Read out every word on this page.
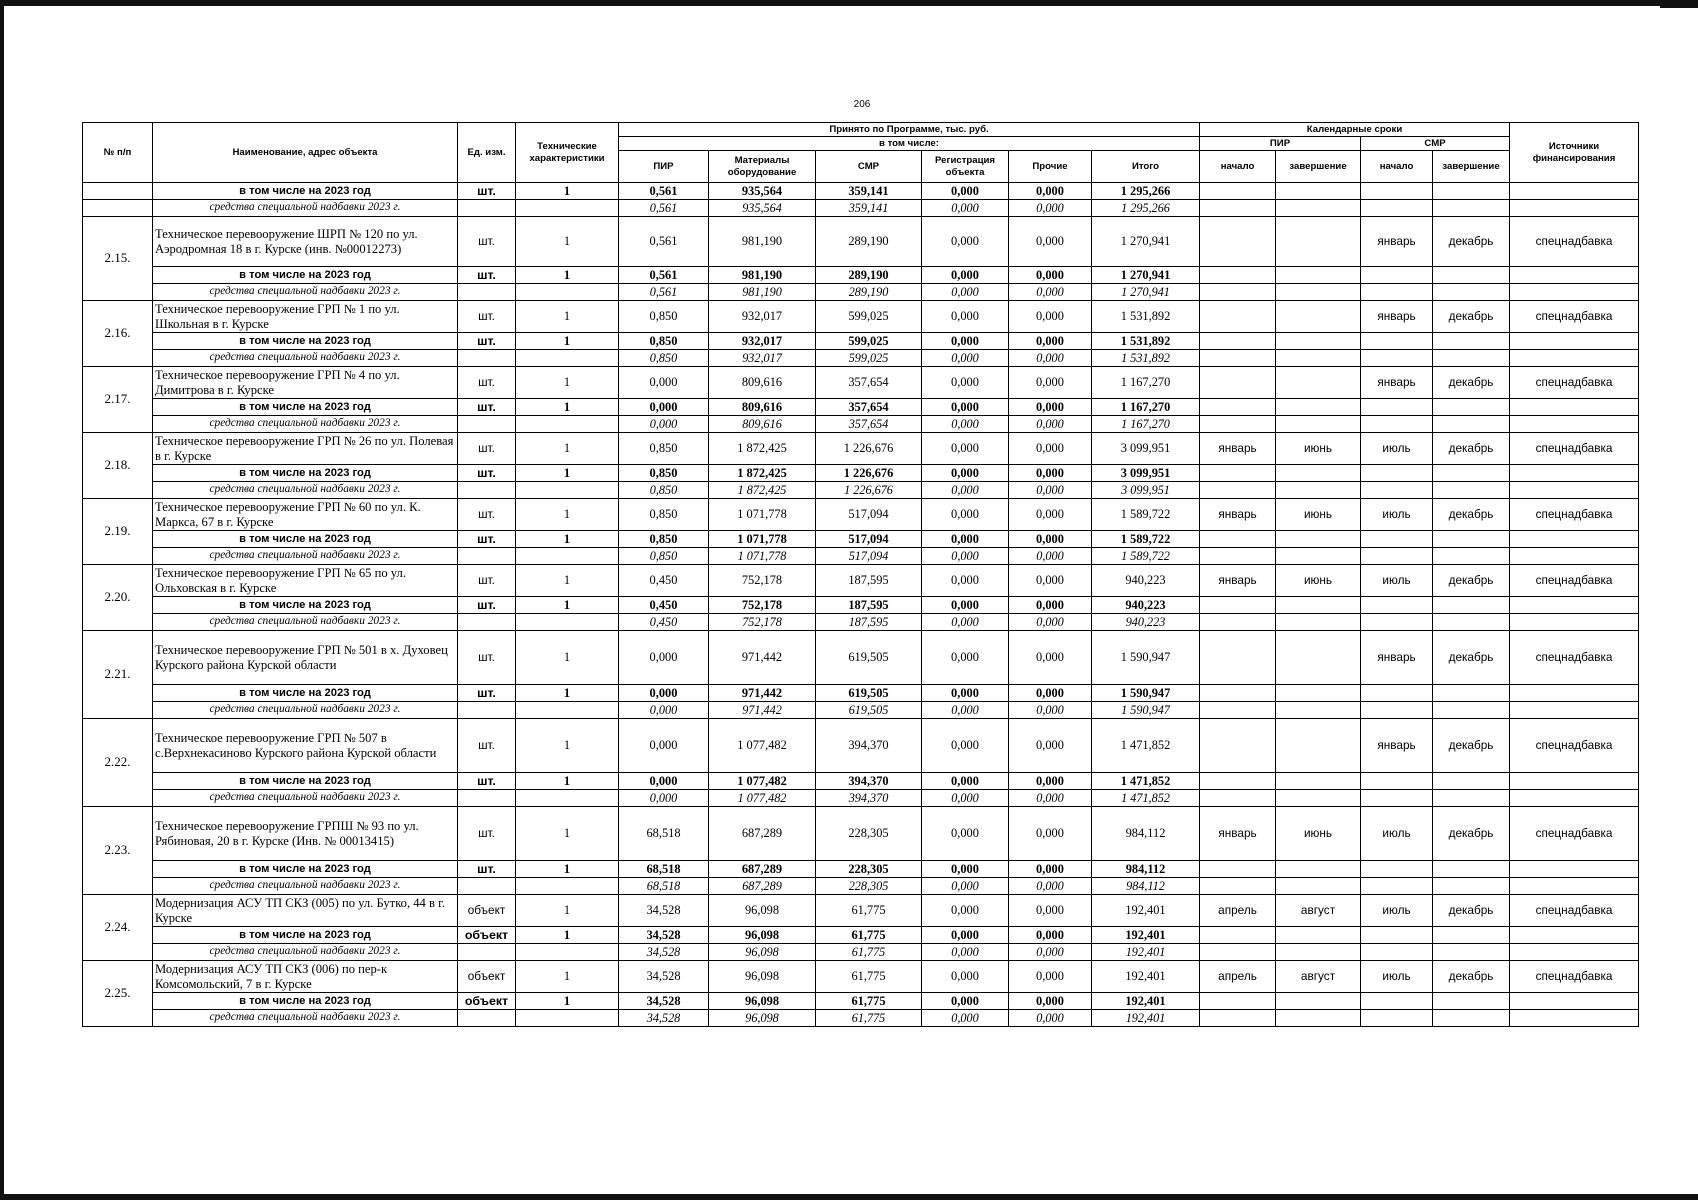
206
№ п/п	Наименование, адрес объекта	Ед. изм.	Технические характеристики	Принято по Программе, тыс. руб.						Календарные сроки				Источники финансирования
				в том числе:						ПИР		СМР		
				ПИР	Материалы оборудование	СМР	Регистрация объекта	Прочие	Итого	начало	завершение	начало	завершение	
	в том числе на 2023 год	шт.	1	0,561	935,564	359,141	0,000	0,000	1 295,266					
	средства специальной надбавки 2023 г.			0,561	935,564	359,141	0,000	0,000	1 295,266					
2.15.	Техническое перевооружение ШРП № 120 по ул. Аэродромная 18 в г. Курске (инв. №00012273)	шт.	1	0,561	981,190	289,190	0,000	0,000	1 270,941			январь	декабрь	спецнадбавка
	в том числе на 2023 год	шт.	1	0,561	981,190	289,190	0,000	0,000	1 270,941					
	средства специальной надбавки 2023 г.			0,561	981,190	289,190	0,000	0,000	1 270,941					
2.16.	Техническое перевооружение ГРП № 1 по ул. Школьная в г. Курске	шт.	1	0,850	932,017	599,025	0,000	0,000	1 531,892			январь	декабрь	спецнадбавка
	в том числе на 2023 год	шт.	1	0,850	932,017	599,025	0,000	0,000	1 531,892					
	средства специальной надбавки 2023 г.			0,850	932,017	599,025	0,000	0,000	1 531,892					
2.17.	Техническое перевооружение ГРП № 4 по ул. Димитрова в г. Курске	шт.	1	0,000	809,616	357,654	0,000	0,000	1 167,270			январь	декабрь	спецнадбавка
	в том числе на 2023 год	шт.	1	0,000	809,616	357,654	0,000	0,000	1 167,270					
	средства специальной надбавки 2023 г.			0,000	809,616	357,654	0,000	0,000	1 167,270					
2.18.	Техническое перевооружение ГРП № 26 по ул. Полевая в г. Курске	шт.	1	0,850	1 872,425	1 226,676	0,000	0,000	3 099,951	январь	июнь	июль	декабрь	спецнадбавка
	в том числе на 2023 год	шт.	1	0,850	1 872,425	1 226,676	0,000	0,000	3 099,951					
	средства специальной надбавки 2023 г.			0,850	1 872,425	1 226,676	0,000	0,000	3 099,951					
2.19.	Техническое перевооружение ГРП № 60 по ул. К. Маркса, 67 в г. Курске	шт.	1	0,850	1 071,778	517,094	0,000	0,000	1 589,722	январь	июнь	июль	декабрь	спецнадбавка
	в том числе на 2023 год	шт.	1	0,850	1 071,778	517,094	0,000	0,000	1 589,722					
	средства специальной надбавки 2023 г.			0,850	1 071,778	517,094	0,000	0,000	1 589,722					
2.20.	Техническое перевооружение ГРП № 65 по ул. Ольховская в г. Курске	шт.	1	0,450	752,178	187,595	0,000	0,000	940,223	январь	июнь	июль	декабрь	спецнадбавка
	в том числе на 2023 год	шт.	1	0,450	752,178	187,595	0,000	0,000	940,223					
	средства специальной надбавки 2023 г.			0,450	752,178	187,595	0,000	0,000	940,223					
2.21.	Техническое перевооружение ГРП № 501 в х. Духовец Курского района Курской области	шт.	1	0,000	971,442	619,505	0,000	0,000	1 590,947			январь	декабрь	спецнадбавка
	в том числе на 2023 год	шт.	1	0,000	971,442	619,505	0,000	0,000	1 590,947					
	средства специальной надбавки 2023 г.			0,000	971,442	619,505	0,000	0,000	1 590,947					
2.22.	Техническое перевооружение ГРП № 507 в с.Верхнекасиново Курского района Курской области	шт.	1	0,000	1 077,482	394,370	0,000	0,000	1 471,852			январь	декабрь	спецнадбавка
	в том числе на 2023 год	шт.	1	0,000	1 077,482	394,370	0,000	0,000	1 471,852					
	средства специальной надбавки 2023 г.			0,000	1 077,482	394,370	0,000	0,000	1 471,852					
2.23.	Техническое перевооружение ГРПШ № 93 по ул. Рябиновая, 20 в г. Курске (Инв. № 00013415)	шт.	1	68,518	687,289	228,305	0,000	0,000	984,112	январь	июнь	июль	декабрь	спецнадбавка
	в том числе на 2023 год	шт.	1	68,518	687,289	228,305	0,000	0,000	984,112					
	средства специальной надбавки 2023 г.			68,518	687,289	228,305	0,000	0,000	984,112					
2.24.	Модернизация АСУ ТП СКЗ (005) по ул. Бутко, 44 в г. Курске	объект	1	34,528	96,098	61,775	0,000	0,000	192,401	апрель	август	июль	декабрь	спецнадбавка
	в том числе на 2023 год	объект	1	34,528	96,098	61,775	0,000	0,000	192,401					
	средства специальной надбавки 2023 г.			34,528	96,098	61,775	0,000	0,000	192,401					
2.25.	Модернизация АСУ ТП СКЗ (006) по пер-к Комсомольский, 7 в г. Курске	объект	1	34,528	96,098	61,775	0,000	0,000	192,401	апрель	август	июль	декабрь	спецнадбавка
	в том числе на 2023 год	объект	1	34,528	96,098	61,775	0,000	0,000	192,401					
	средства специальной надбавки 2023 г.			34,528	96,098	61,775	0,000	0,000	192,401					
